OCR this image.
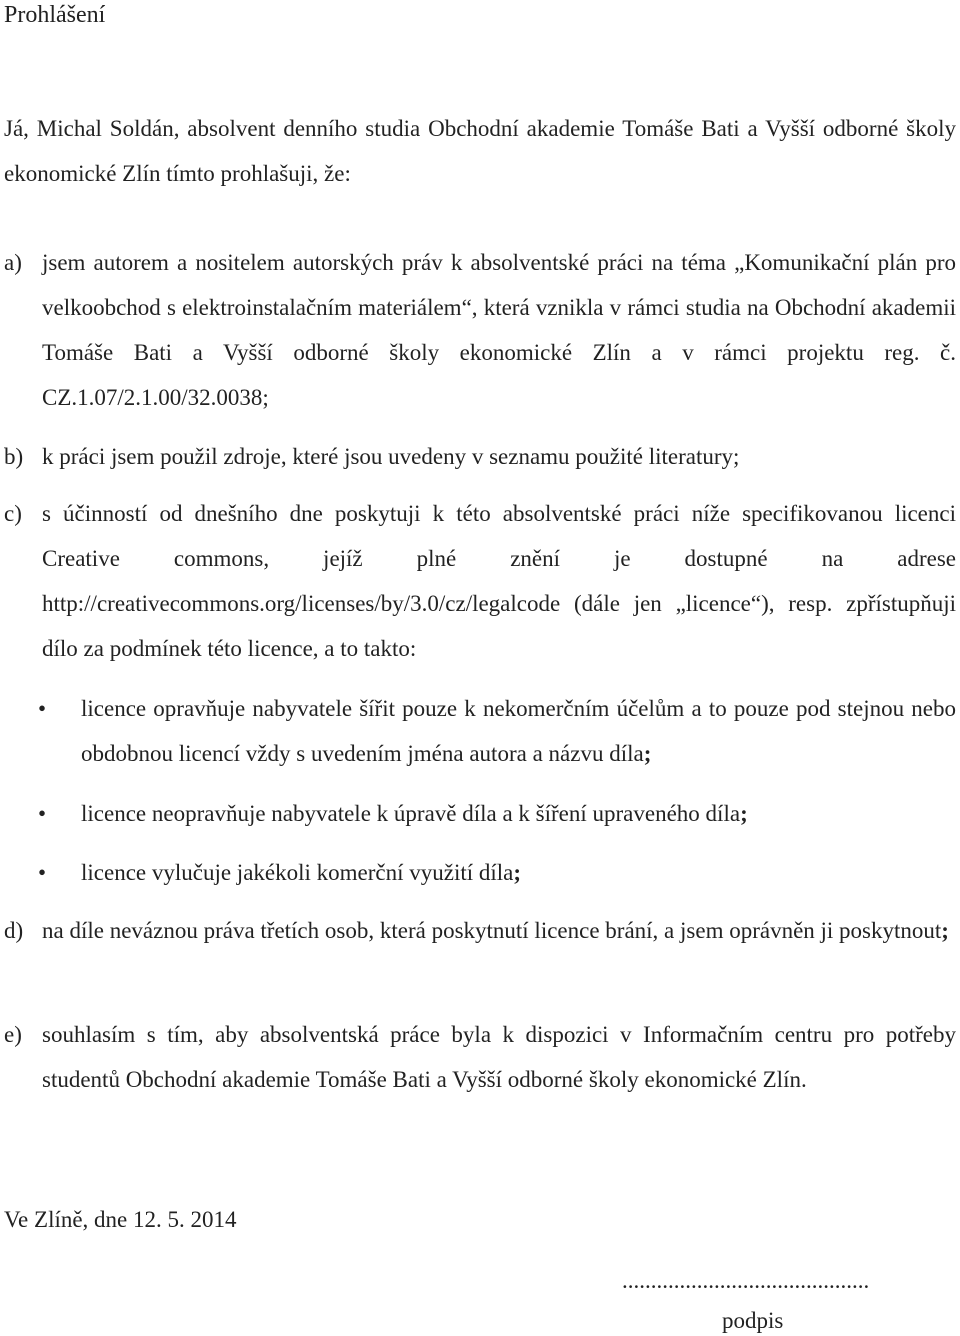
Prohlášení
Já, Michal Soldán, absolvent denního studia Obchodní akademie Tomáše Bati a Vyšší odborné školy ekonomické Zlín tímto prohlašuji, že:
a) jsem autorem a nositelem autorských práv k absolventské práci na téma „Komunikační plán pro velkoobchod s elektroinstalačním materiálem“, která vznikla v rámci studia na Obchodní akademii Tomáše Bati a Vyšší odborné školy ekonomické Zlín a v rámci projektu reg. č. CZ.1.07/2.1.00/32.0038;
b) k práci jsem použil zdroje, které jsou uvedeny v seznamu použité literatury;
c) s účinností od dnešního dne poskytuji k této absolventské práci níže specifikovanou licenci Creative commons, jejíž plné znění je dostupné na adrese http://creativecommons.org/licenses/by/3.0/cz/legalcode (dále jen „licence“), resp. zpřístupňuji dílo za podmínek této licence, a to takto:
• licence opravňuje nabyvatele šířit pouze k nekomerčním účelům a to pouze pod stejnou nebo obdobnou licencí vždy s uvedením jména autora a názvu díla;
• licence neopravňuje nabyvatele k úpravě díla a k šíření upraveného díla;
• licence vylučuje jakékoli komerční využití díla;
d) na díle neváznou práva třetích osob, která poskytnutí licence brání, a jsem oprávněn ji poskytnout;
e) souhlasím s tím, aby absolventská práce byla k dispozici v Informačním centru pro potřeby studentů Obchodní akademie Tomáše Bati a Vyšší odborné školy ekonomické Zlín.
Ve Zlíně, dne 12. 5. 2014
...........................................
podpis
